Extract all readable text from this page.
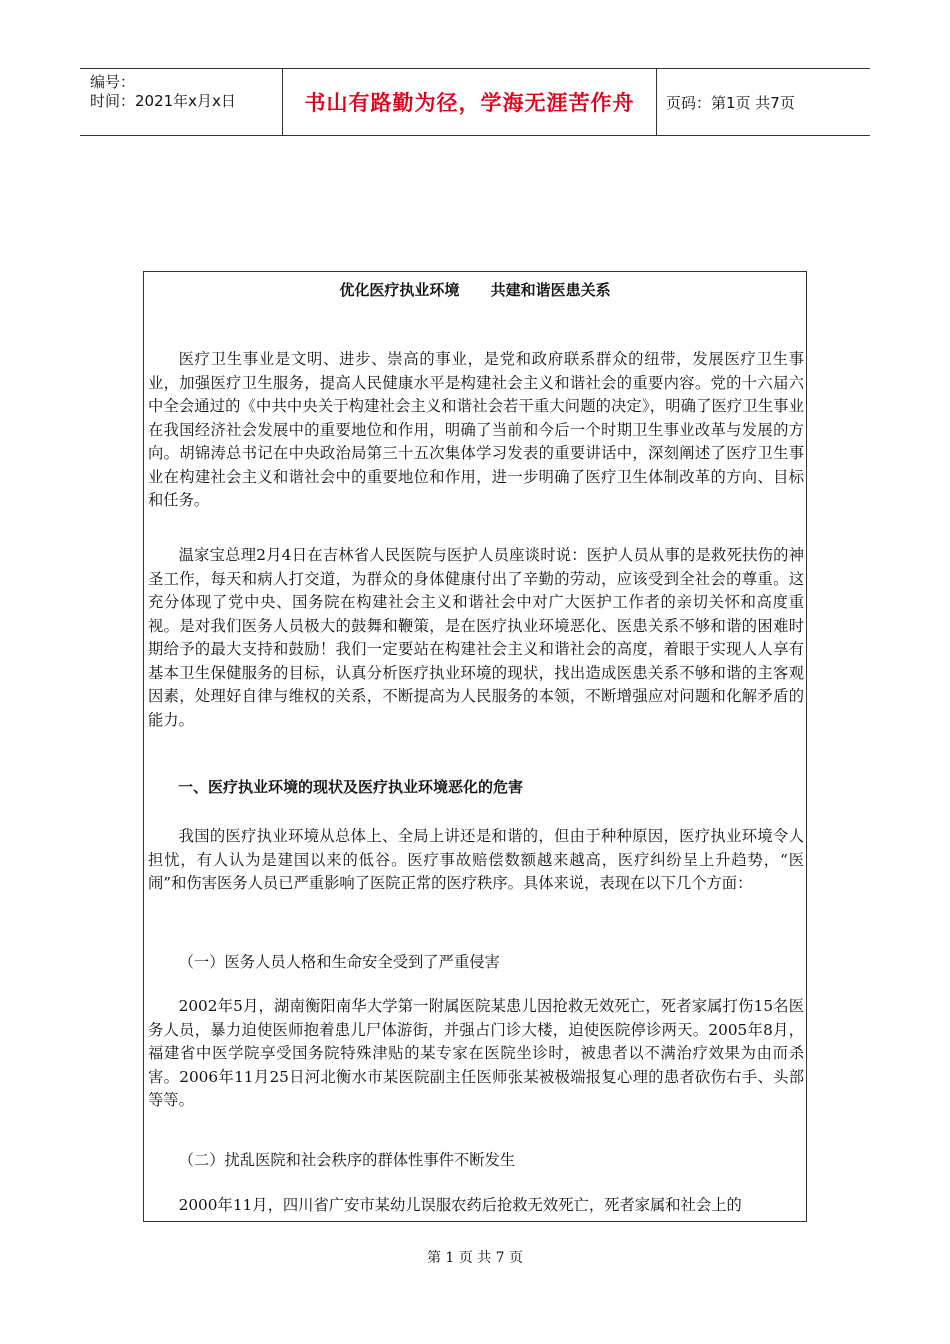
编号：
时间：2021年x月x日	书山有路勤为径，学海无涯苦作舟 页码：第1页 共7页
优化医疗执业环境      共建和谐医患关系

医疗卫生事业是文明、进步、崇高的事业，是党和政府联系群众的纽带，发展医疗卫生事业，加强医疗卫生服务，提高人民健康水平是构建社会主义和谐社会的重要内容。党的十六届六中全会通过的《中共中央关于构建社会主义和谐社会若干重大问题的决定》，明确了医疗卫生事业在我国经济社会发展中的重要地位和作用，明确了当前和今后一个时期卫生事业改革与发展的方向。胡锦涛总书记在中央政治局第三十五次集体学习发表的重要讲话中，深刻阐述了医疗卫生事业在构建社会主义和谐社会中的重要地位和作用，进一步明确了医疗卫生体制改革的方向、目标和任务。

温家宝总理2月4日在吉林省人民医院与医护人员座谈时说：医护人员从事的是救死扶伤的神圣工作，每天和病人打交道，为群众的身体健康付出了辛勤的劳动，应该受到全社会的尊重。这充分体现了党中央、国务院在构建社会主义和谐社会中对广大医护工作者的亲切关怀和高度重视。是对我们医务人员极大的鼓舞和鞭策，是在医疗执业环境恶化、医患关系不够和谐的困难时期给予的最大支持和鼓励！我们一定要站在构建社会主义和谐社会的高度，着眼于实现人人享有基本卫生保健服务的目标，认真分析医疗执业环境的现状，找出造成医患关系不够和谐的主客观因素，处理好自律与维权的关系，不断提高为人民服务的本领，不断增强应对问题和化解矛盾的能力。

一、医疗执业环境的现状及医疗执业环境恶化的危害

我国的医疗执业环境从总体上、全局上讲还是和谐的，但由于种种原因，医疗执业环境令人担忧，有人认为是建国以来的低谷。医疗事故赔偿数额越来越高，医疗纠纷呈上升趋势，“医闹”和伤害医务人员已严重影响了医院正常的医疗秩序。具体来说，表现在以下几个方面：

（一）医务人员人格和生命安全受到了严重侵害

2002年5月，湖南衡阳南华大学第一附属医院某患儿因抢救无效死亡，死者家属打伤15名医务人员，暴力迫使医师抱着患儿尸体游街，并强占门诊大楼，迫使医院停诊两天。2005年8月，福建省中医学院享受国务院特殊津贴的某专家在医院坐诊时，被患者以不满治疗效果为由而杀害。2006年11月25日河北衡水市某医院副主任医师张某被极端报复心理的患者砍伤右手、头部等等。

（二）扰乱医院和社会秩序的群体性事件不断发生

2000年11月，四川省广安市某幼儿误服农药后抢救无效死亡，死者家属和社会上的

第 1 页 共 7 页
